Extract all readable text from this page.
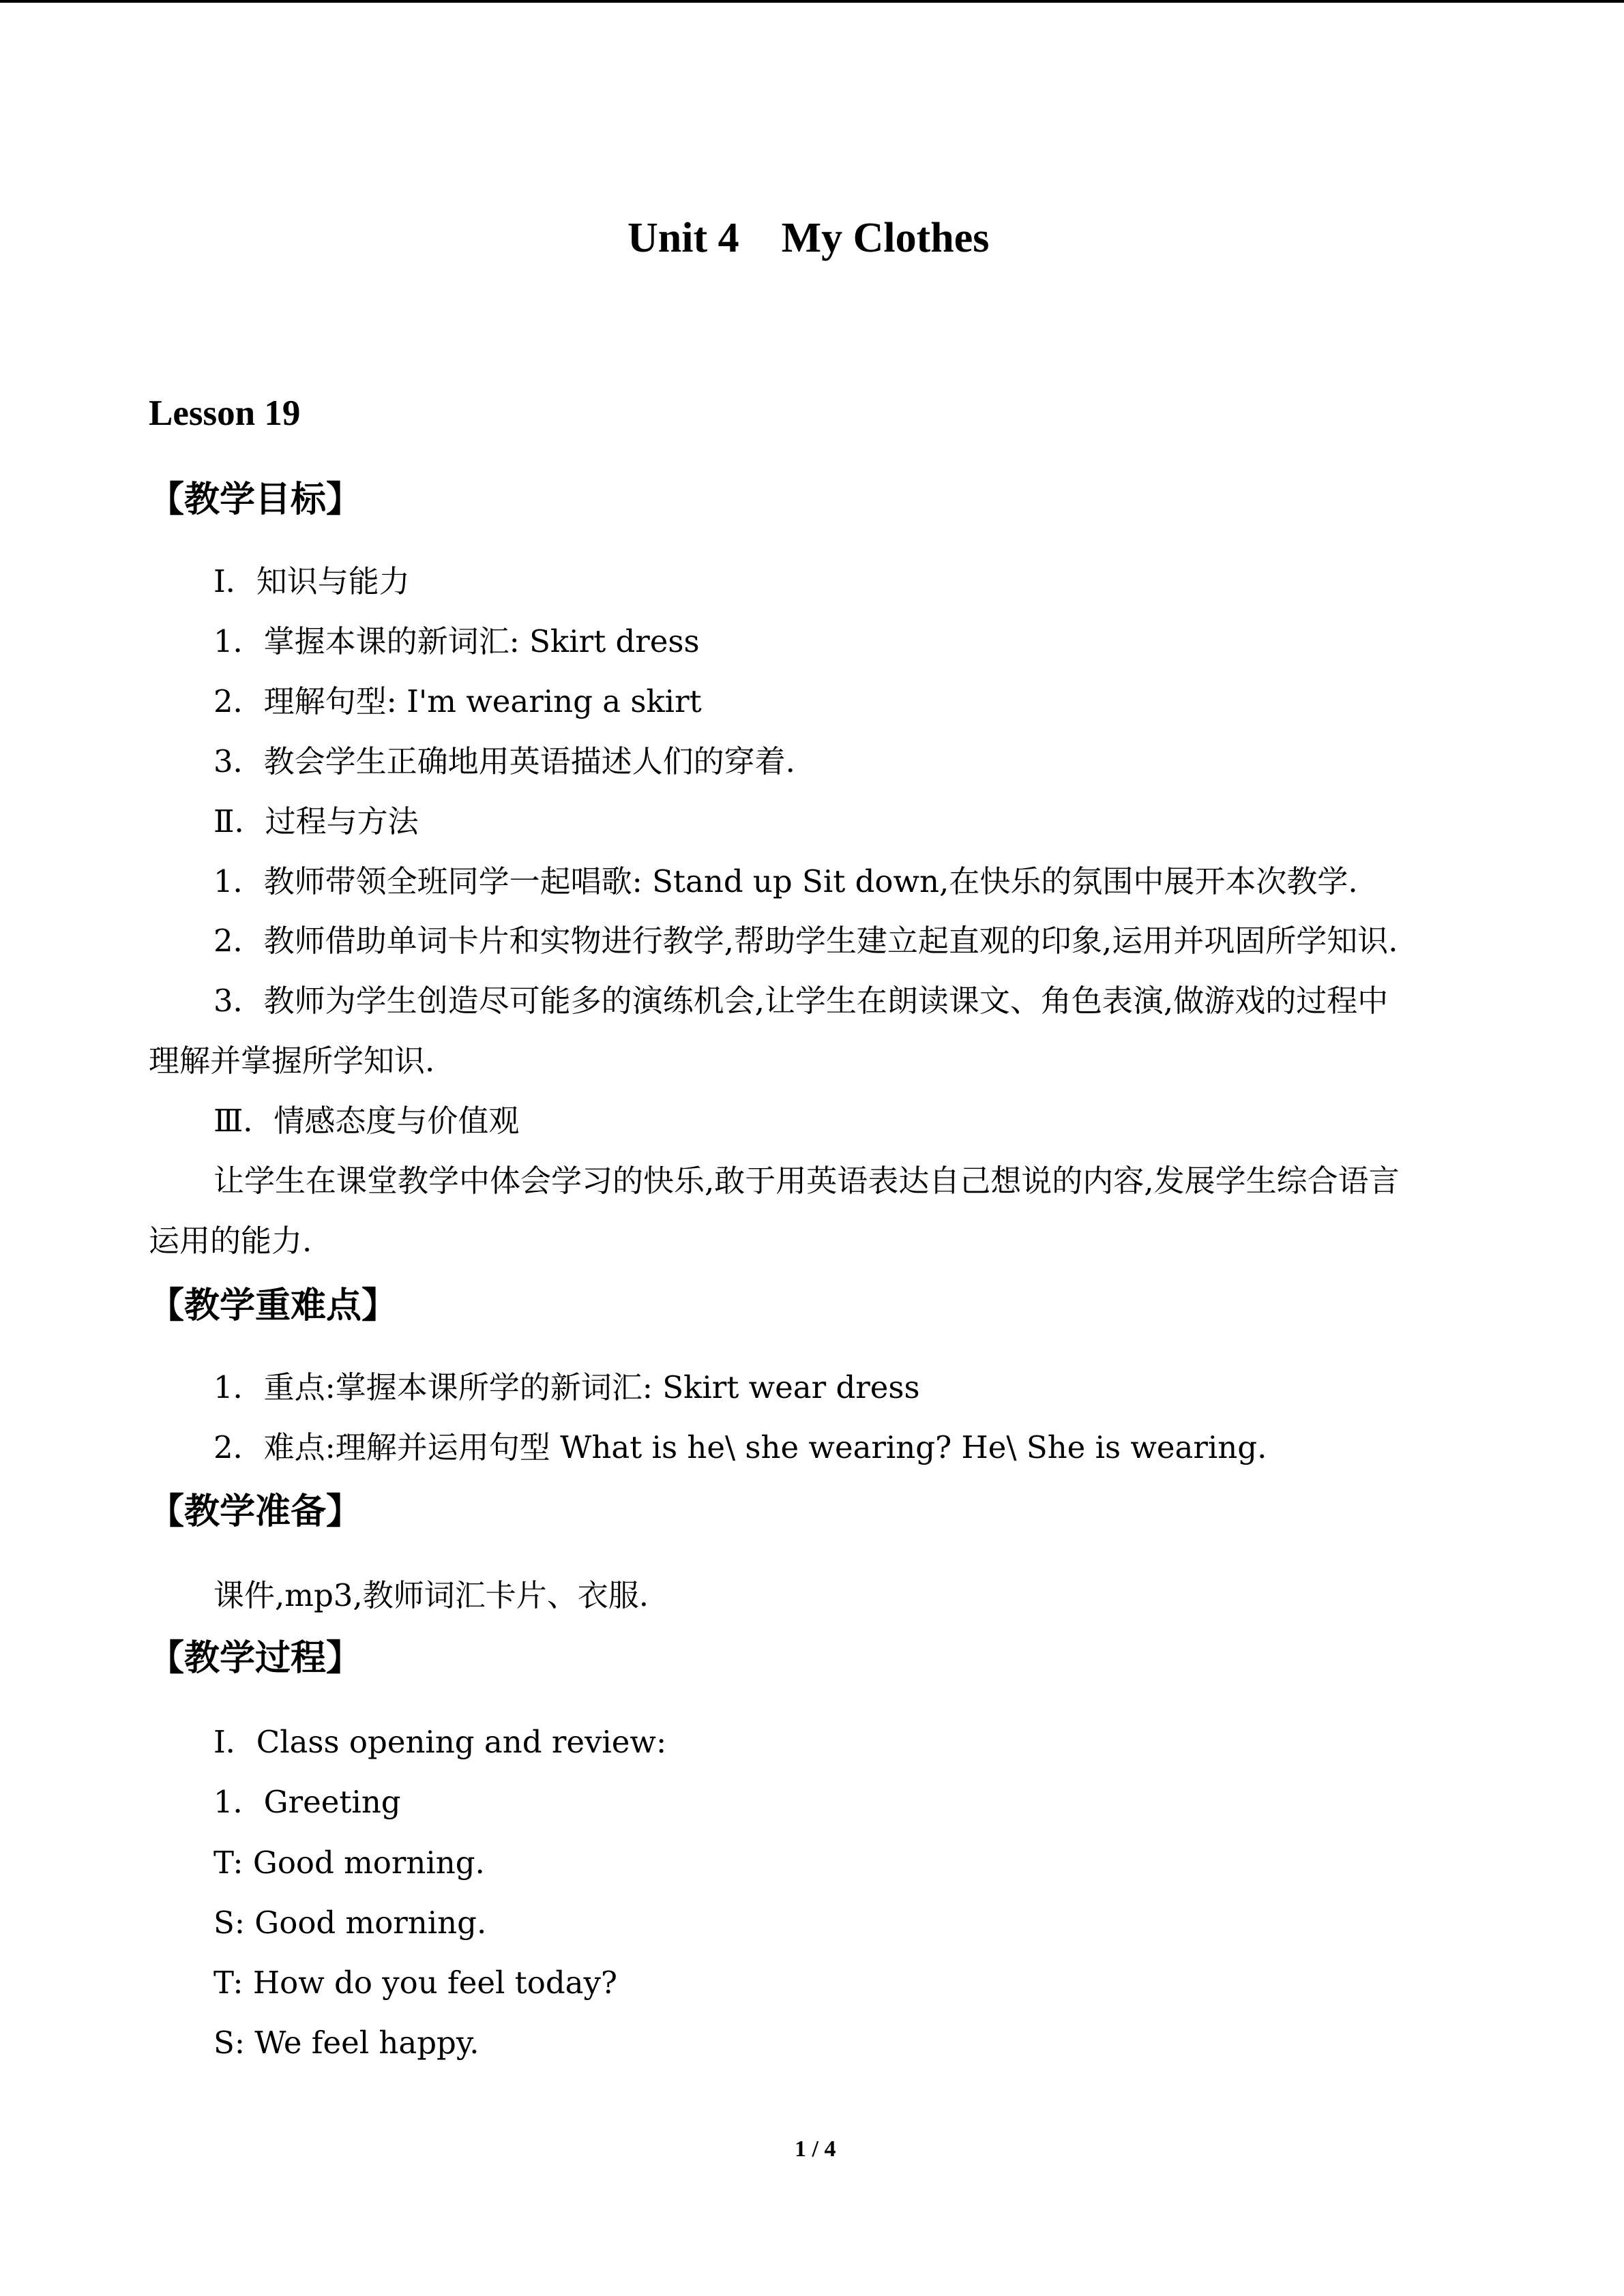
Unit 4    My Clothes
Lesson 19
【教学目标】
Ⅰ．知识与能力
1．掌握本课的新词汇: Skirt dress
2．理解句型: I'm wearing a skirt
3．教会学生正确地用英语描述人们的穿着.
Ⅱ．过程与方法
1．教师带领全班同学一起唱歌: Stand up Sit down,在快乐的氛围中展开本次教学.
2．教师借助单词卡片和实物进行教学,帮助学生建立起直观的印象,运用并巩固所学知识.
3．教师为学生创造尽可能多的演练机会,让学生在朗读课文、角色表演,做游戏的过程中
理解并掌握所学知识.
Ⅲ．情感态度与价值观
让学生在课堂教学中体会学习的快乐,敢于用英语表达自己想说的内容,发展学生综合语言
运用的能力.
【教学重难点】
1．重点:掌握本课所学的新词汇: Skirt wear dress
2．难点:理解并运用句型 What is he\ she wearing? He\ She is wearing.
【教学准备】
课件,mp3,教师词汇卡片、衣服.
【教学过程】
Ⅰ．Class opening and review:
1．Greeting
T: Good morning.
S: Good morning.
T: How do you feel today?
S: We feel happy.
1 / 4
